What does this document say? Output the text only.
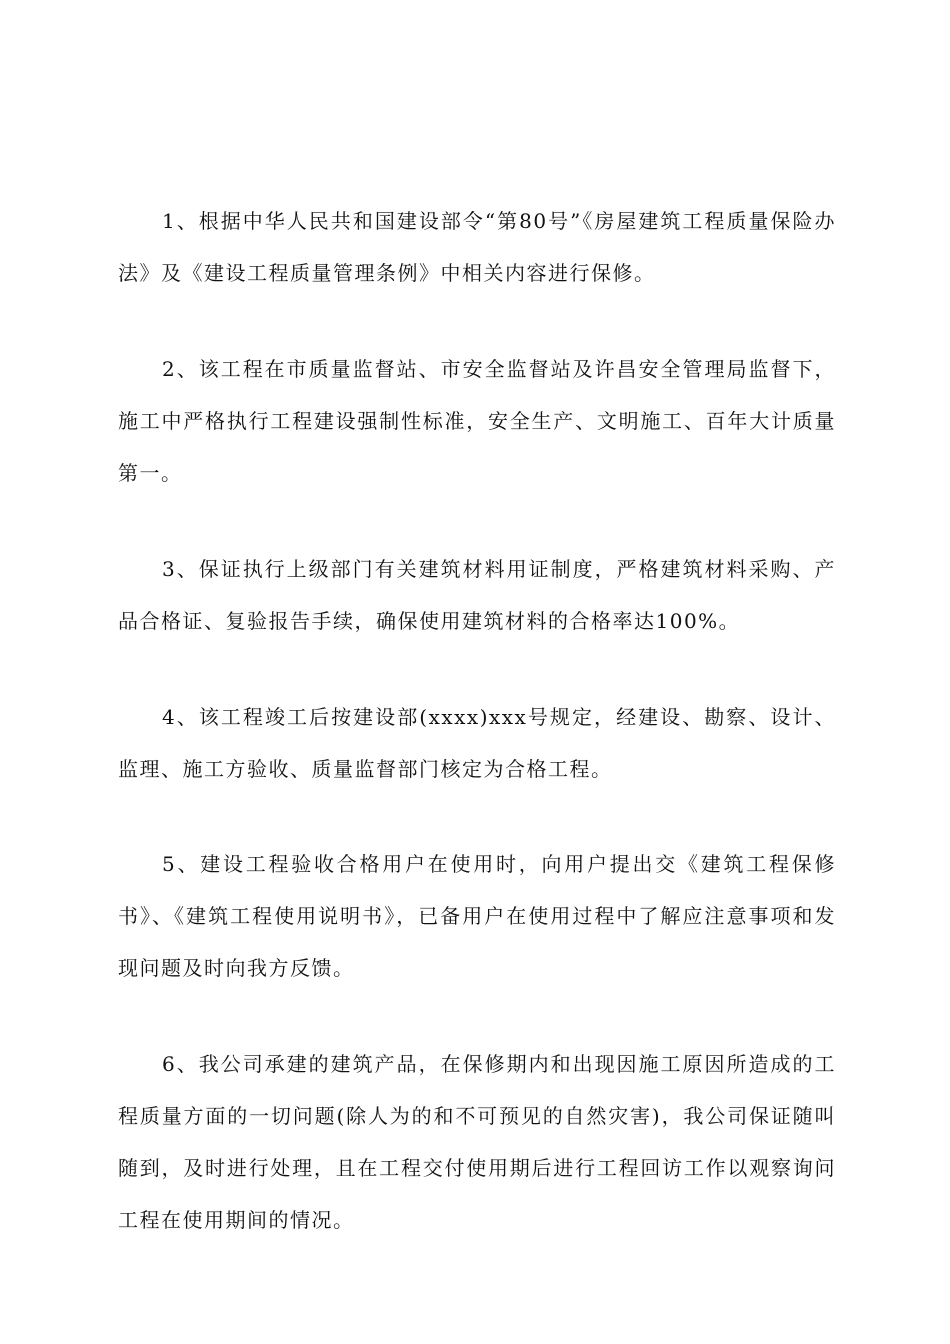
1、根据中华人民共和国建设部令“第80号”《房屋建筑工程质量保险办法》及《建设工程质量管理条例》中相关内容进行保修。

2、该工程在市质量监督站、市安全监督站及许昌安全管理局监督下，施工中严格执行工程建设强制性标准，安全生产、文明施工、百年大计质量第一。

3、保证执行上级部门有关建筑材料用证制度，严格建筑材料采购、产品合格证、复验报告手续，确保使用建筑材料的合格率达100%。

4、该工程竣工后按建设部(xxxx)xxx号规定，经建设、勘察、设计、监理、施工方验收、质量监督部门核定为合格工程。

5、建设工程验收合格用户在使用时，向用户提出交《建筑工程保修书》、《建筑工程使用说明书》，已备用户在使用过程中了解应注意事项和发现问题及时向我方反馈。

6、我公司承建的建筑产品，在保修期内和出现因施工原因所造成的工程质量方面的一切问题(除人为的和不可预见的自然灾害)，我公司保证随叫随到，及时进行处理，且在工程交付使用期后进行工程回访工作以观察询问工程在使用期间的情况。
